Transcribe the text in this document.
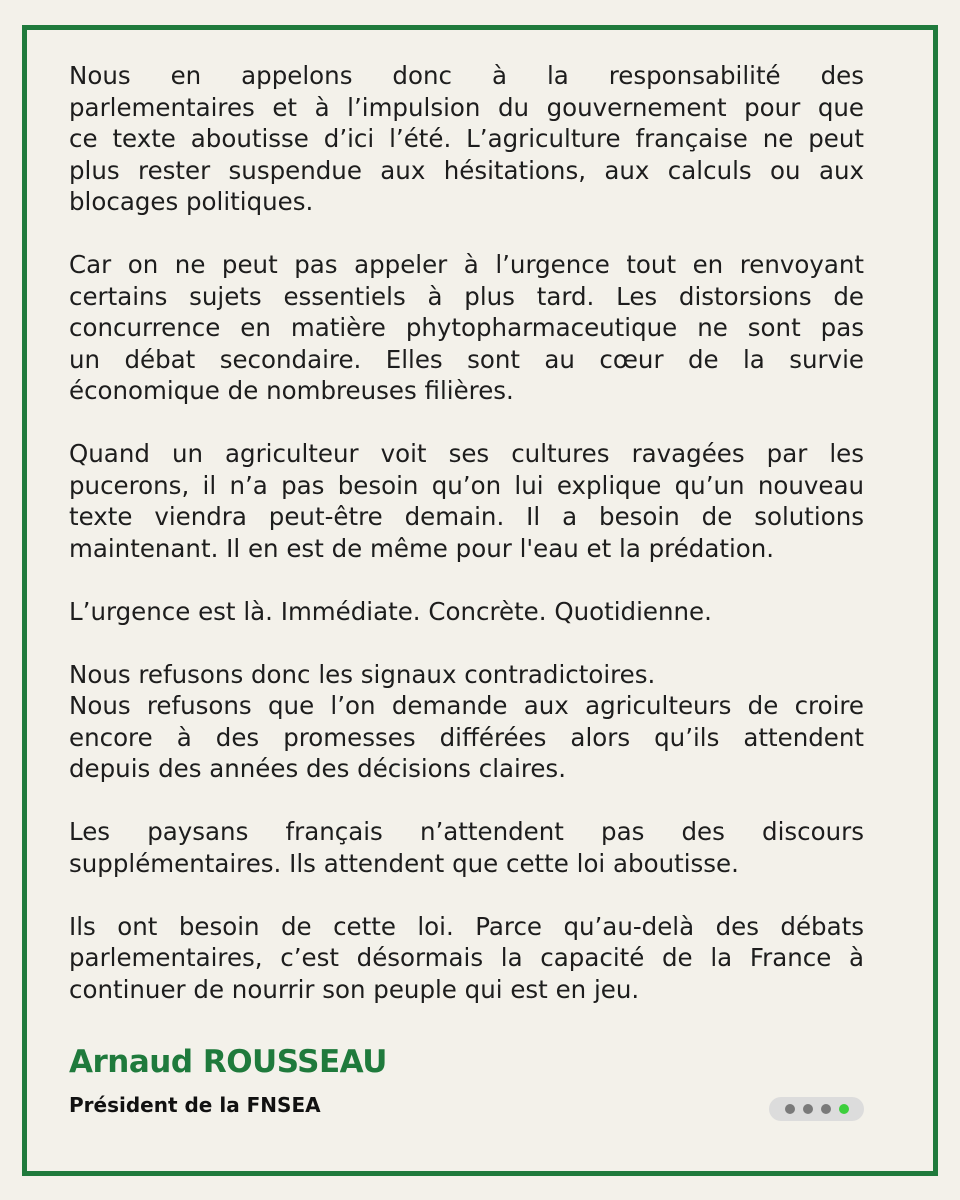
Nous en appelons donc à la responsabilité des
parlementaires et à l’impulsion du gouvernement pour que
ce texte aboutisse d’ici l’été. L’agriculture française ne peut
plus rester suspendue aux hésitations, aux calculs ou aux
blocages politiques.
Car on ne peut pas appeler à l’urgence tout en renvoyant
certains sujets essentiels à plus tard. Les distorsions de
concurrence en matière phytopharmaceutique ne sont pas
un débat secondaire. Elles sont au cœur de la survie
économique de nombreuses filières.
Quand un agriculteur voit ses cultures ravagées par les
pucerons, il n’a pas besoin qu’on lui explique qu’un nouveau
texte viendra peut-être demain. Il a besoin de solutions
maintenant. Il en est de même pour l'eau et la prédation.
L’urgence est là. Immédiate. Concrète. Quotidienne.
Nous refusons donc les signaux contradictoires.
Nous refusons que l’on demande aux agriculteurs de croire
encore à des promesses différées alors qu’ils attendent
depuis des années des décisions claires.
Les paysans français n’attendent pas des discours
supplémentaires. Ils attendent que cette loi aboutisse.
Ils ont besoin de cette loi. Parce qu’au-delà des débats
parlementaires, c’est désormais la capacité de la France à
continuer de nourrir son peuple qui est en jeu.
Arnaud ROUSSEAU
Président de la FNSEA
